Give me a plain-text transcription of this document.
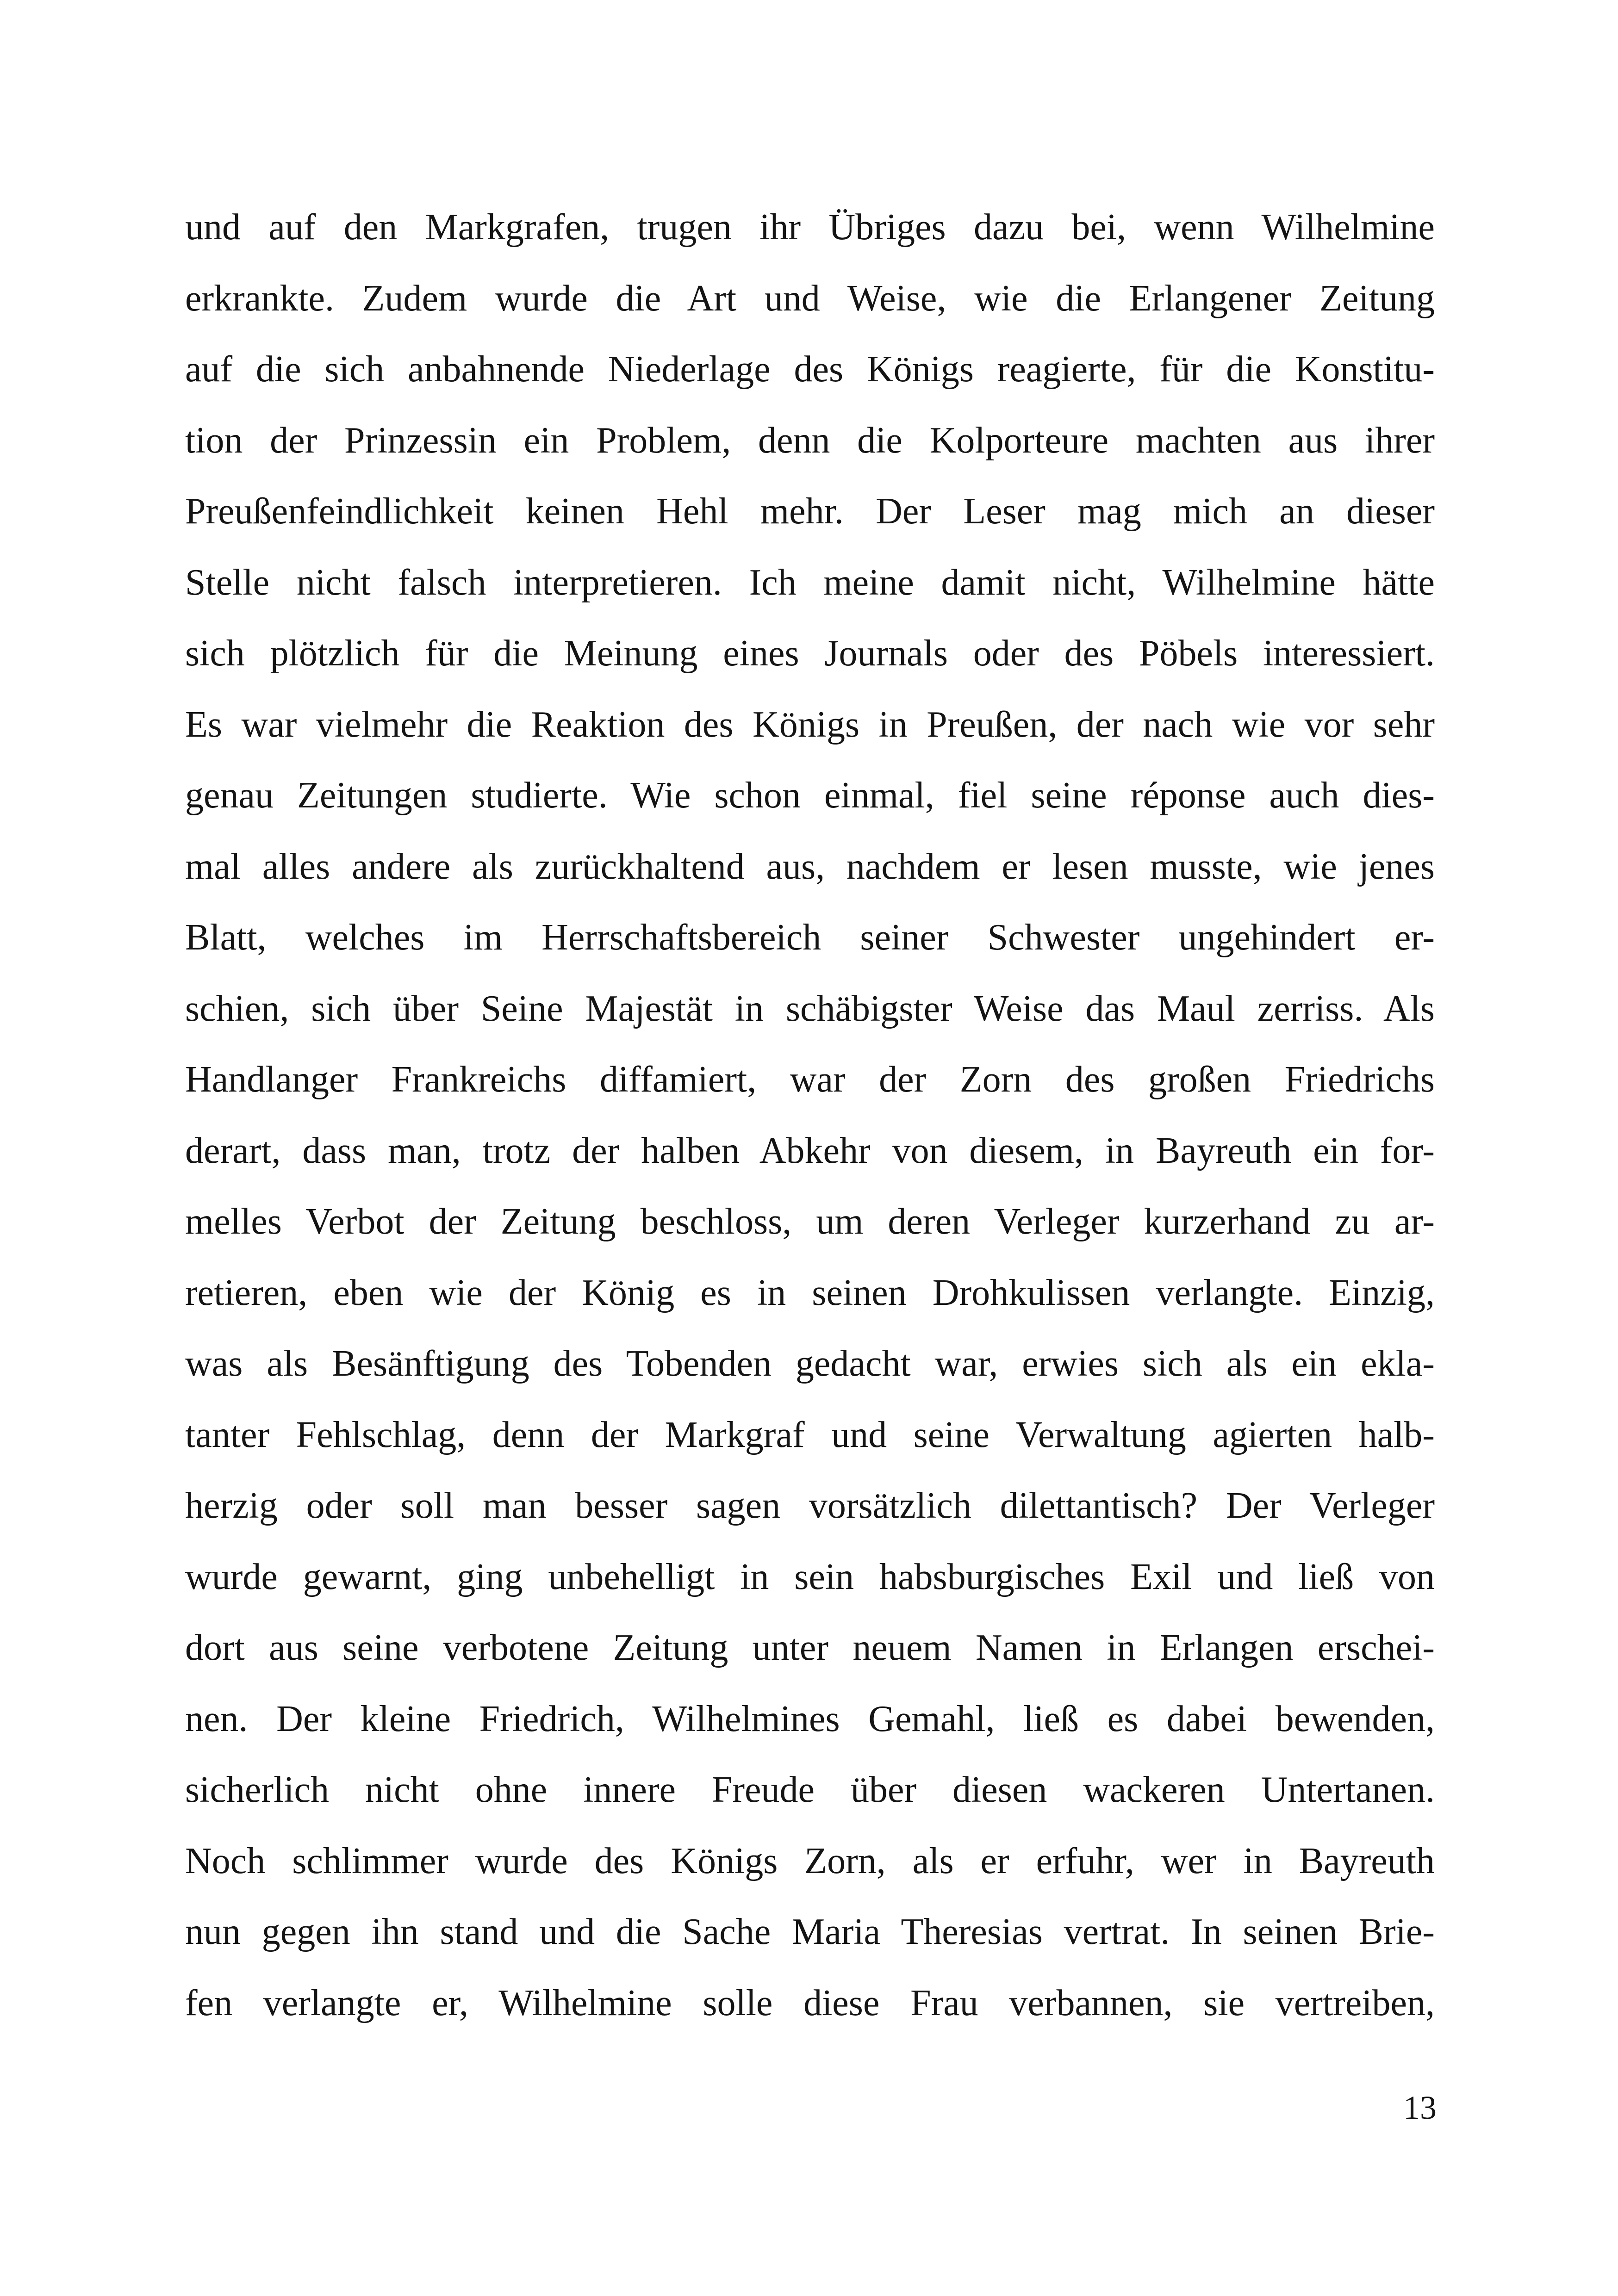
und auf den Markgrafen, trugen ihr Übriges dazu bei, wenn Wilhelmine
erkrankte. Zudem wurde die Art und Weise, wie die Erlangener Zeitung
auf die sich anbahnende Niederlage des Königs reagierte, für die Konstitu-
tion der Prinzessin ein Problem, denn die Kolporteure machten aus ihrer
Preußenfeindlichkeit keinen Hehl mehr. Der Leser mag mich an dieser
Stelle nicht falsch interpretieren. Ich meine damit nicht, Wilhelmine hätte
sich plötzlich für die Meinung eines Journals oder des Pöbels interessiert.
Es war vielmehr die Reaktion des Königs in Preußen, der nach wie vor sehr
genau Zeitungen studierte. Wie schon einmal, fiel seine réponse auch dies-
mal alles andere als zurückhaltend aus, nachdem er lesen musste, wie jenes
Blatt, welches im Herrschaftsbereich seiner Schwester ungehindert er-
schien, sich über Seine Majestät in schäbigster Weise das Maul zerriss. Als
Handlanger Frankreichs diffamiert, war der Zorn des großen Friedrichs
derart, dass man, trotz der halben Abkehr von diesem, in Bayreuth ein for-
melles Verbot der Zeitung beschloss, um deren Verleger kurzerhand zu ar-
retieren, eben wie der König es in seinen Drohkulissen verlangte. Einzig,
was als Besänftigung des Tobenden gedacht war, erwies sich als ein ekla-
tanter Fehlschlag, denn der Markgraf und seine Verwaltung agierten halb-
herzig oder soll man besser sagen vorsätzlich dilettantisch? Der Verleger
wurde gewarnt, ging unbehelligt in sein habsburgisches Exil und ließ von
dort aus seine verbotene Zeitung unter neuem Namen in Erlangen erschei-
nen. Der kleine Friedrich, Wilhelmines Gemahl, ließ es dabei bewenden,
sicherlich nicht ohne innere Freude über diesen wackeren Untertanen.
Noch schlimmer wurde des Königs Zorn, als er erfuhr, wer in Bayreuth
nun gegen ihn stand und die Sache Maria Theresias vertrat. In seinen Brie-
fen verlangte er, Wilhelmine solle diese Frau verbannen, sie vertreiben,
13
